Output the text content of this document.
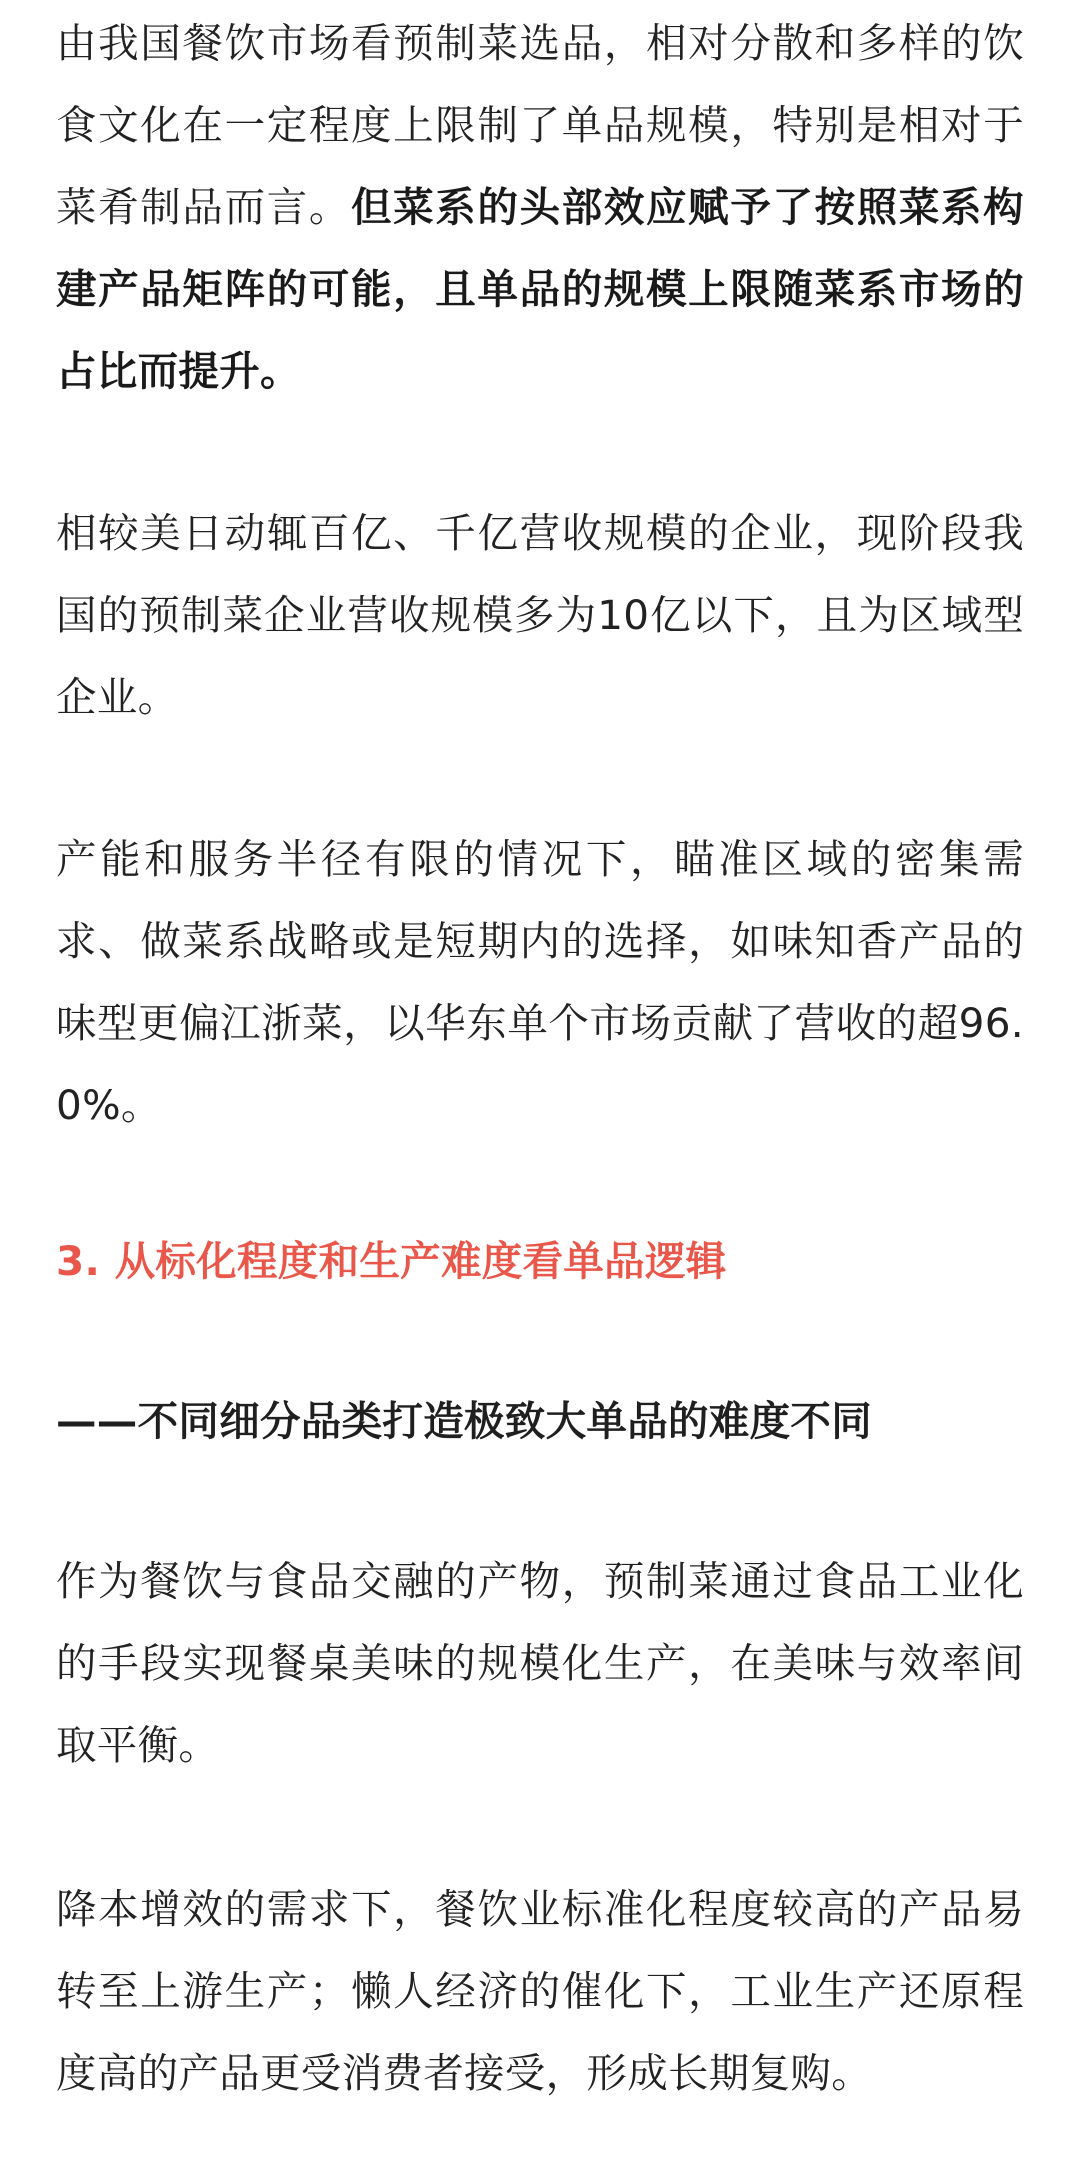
由我国餐饮市场看预制菜选品，相对分散和多样的饮食文化在一定程度上限制了单品规模，特别是相对于菜肴制品而言。但菜系的头部效应赋予了按照菜系构建产品矩阵的可能，且单品的规模上限随菜系市场的占比而提升。

相较美日动辄百亿、千亿营收规模的企业，现阶段我国的预制菜企业营收规模多为10亿以下，且为区域型企业。

产能和服务半径有限的情况下，瞄准区域的密集需求、做菜系战略或是短期内的选择，如味知香产品的味型更偏江浙菜，以华东单个市场贡献了营收的超96.0%。

3. 从标化程度和生产难度看单品逻辑
——不同细分品类打造极致大单品的难度不同

作为餐饮与食品交融的产物，预制菜通过食品工业化的手段实现餐桌美味的规模化生产，在美味与效率间取平衡。

降本增效的需求下，餐饮业标准化程度较高的产品易转至上游生产；懒人经济的催化下，工业生产还原程度高的产品更受消费者接受，形成长期复购。
